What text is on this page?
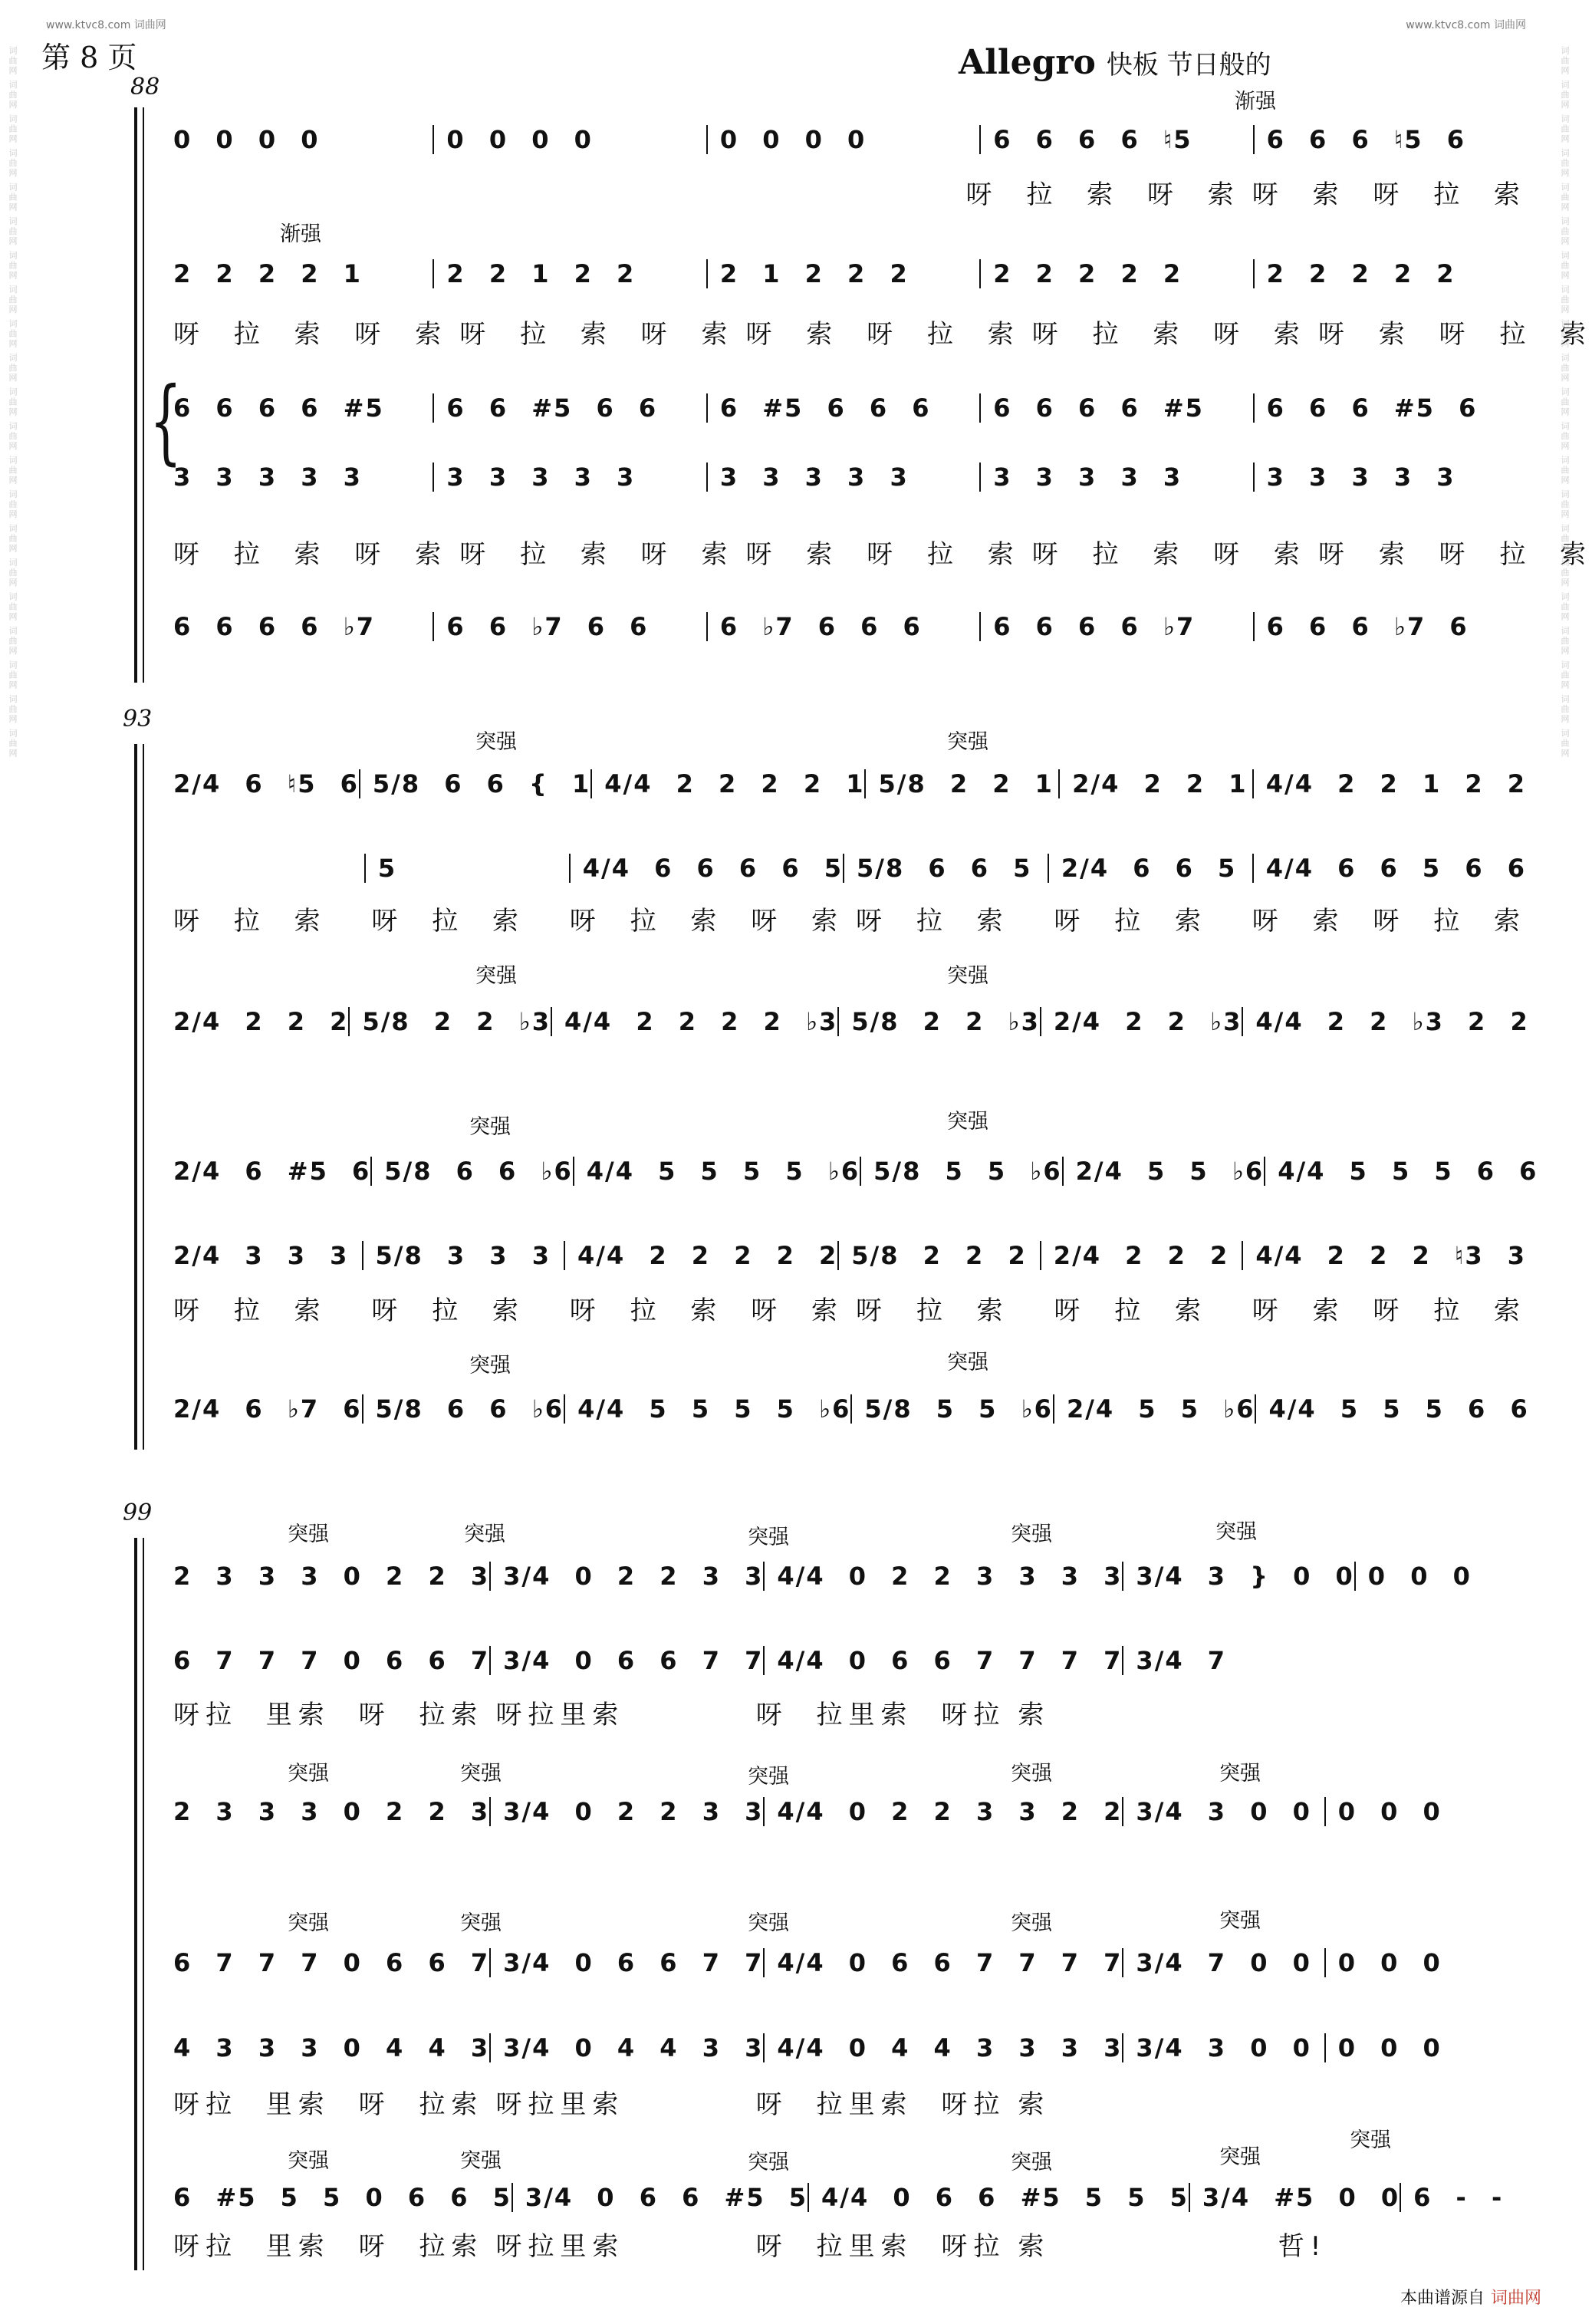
词曲网 词曲网 词曲网 词曲网 词曲网 词曲网 词曲网 词曲网 词曲网 词曲网 词曲网 词曲网 词曲网 词曲网 词曲网 词曲网 词曲网 词曲网 词曲网 词曲网 词曲网	词曲网 词曲网 词曲网 词曲网 词曲网 词曲网 词曲网 词曲网 词曲网 词曲网 词曲网 词曲网 词曲网 词曲网 词曲网 词曲网 词曲网 词曲网 词曲网 词曲网 词曲网
www.ktvc8.com 词曲网	www.ktvc8.com 词曲网
第 8 页	Allegro 快板 节日般的
88
渐强
渐强
{
0 0 0 0	0 0 0 0	0 0 0 0	6 6 6 6 ♮5	6 6 6 ♮5 6
呀 拉 索 呀 索 呀 索 呀 拉 索
2 2 2 2 1	2 2 1 2 2	2 1 2 2 2	2 2 2 2 2	2 2 2 2 2
呀 拉 索 呀 索 呀 拉 索 呀 索 呀 索 呀 拉 索 呀 拉 索 呀 索 呀 索 呀 拉 索
6 6 6 6 #5	6 6 #5 6 6	6 #5 6 6 6	6 6 6 6 #5	6 6 6 #5 6
3 3 3 3 3	3 3 3 3 3	3 3 3 3 3	3 3 3 3 3	3 3 3 3 3
呀 拉 索 呀 索 呀 拉 索 呀 索 呀 索 呀 拉 索 呀 拉 索 呀 索 呀 索 呀 拉 索
6 6 6 6 ♭7	6 6 ♭7 6 6	6 ♭7 6 6 6	6 6 6 6 ♭7	6 6 6 ♭7 6
93
突强	突强
突强	突强
突强	突强
突强	突强
2/4 6 ♮5 6 5/8 6 6 { 1 4/4 2 2 2 2 1 5/8 2 2 1 2/4 2 2 1 4/4 2 2 1 2 2
5	4/4 6 6 6 6 5 5/8 6 6 5	2/4 6 6 5	4/4 6 6 5 6 6
呀 拉 索	呀 拉 索	呀 拉 索 呀 索 呀 拉 索	呀 拉 索	呀 索 呀 拉 索
2/4 2 2 2 5/8 2 2 ♭3 4/4 2 2 2 2 ♭3 5/8 2 2 ♭3 2/4 2 2 ♭3 4/4 2 2 ♭3 2 2
2/4 6 #5 6 5/8 6 6 ♭6 4/4 5 5 5 5 ♭6 5/8 5 5 ♭6 2/4 5 5 ♭6 4/4 5 5 5 6 6
2/4 3 3 3	5/8 3 3 3	4/4 2 2 2 2 2 5/8 2 2 2	2/4 2 2 2	4/4 2 2 2 ♮3 3
呀 拉 索	呀 拉 索	呀 拉 索 呀 索 呀 拉 索	呀 拉 索	呀 索 呀 拉 索
2/4 6 ♭7 6 5/8 6 6 ♭6 4/4 5 5 5 5 ♭6 5/8 5 5 ♭6 2/4 5 5 ♭6 4/4 5 5 5 6 6
99
突强	突强	突强	突强	突强
突强	突强	突强	突强	突强
突强	突强	突强	突强	突强
突强	突强	突强	突强	突强
突强
2 3 3 3 0 2 2 3 3/4 0 2 2 3 3 4/4 0 2 2 3 3 3 3 3/4 3 } 0 0 0 0 0
6 7 7 7 0 6 6 7 3/4 0 6 6 7 7 4/4 0 6 6 7 7 7 7 3/4 7
呀拉 里索 呀 拉索 呀拉里索	呀 拉里索 呀拉 索
2 3 3 3 0 2 2 3 3/4 0 2 2 3 3 4/4 0 2 2 3 3 2 2 3/4 3 0 0	0 0 0
6 7 7 7 0 6 6 7 3/4 0 6 6 7 7 4/4 0 6 6 7 7 7 7 3/4 7 0 0	0 0 0
4 3 3 3 0 4 4 3 3/4 0 4 4 3 3 4/4 0 4 4 3 3 3 3 3/4 3 0 0	0 0 0
呀拉 里索 呀 拉索 呀拉里索	呀 拉里索 呀拉 索
6 #5 5 5 0 6 6 5 3/4 0 6 6 #5 5 4/4 0 6 6 #5 5 5 5 3/4 #5 0 0 6 - -
呀拉 里索 呀 拉索 呀拉里索	呀 拉里索 呀拉 索	哲!
本曲谱源自 词曲网
